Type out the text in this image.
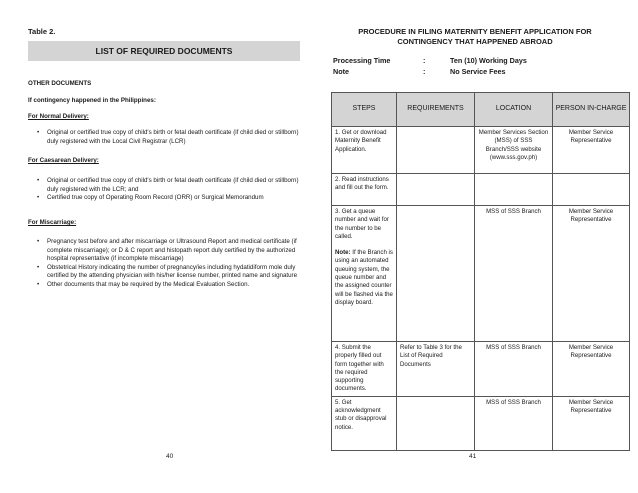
Table 2.
LIST OF REQUIRED DOCUMENTS
OTHER DOCUMENTS
If contingency happened in the Philippines:
For Normal Delivery:
• Original or certified true copy of child's birth or fetal death certificate (if child died or stillborn) duly registered with the Local Civil Registrar (LCR)
For Caesarean Delivery:
• Original or certified true copy of child's birth or fetal death certificate (if child died or stillborn) duly registered with the LCR; and
• Certified true copy of Operating Room Record (ORR) or Surgical Memorandum
For Miscarriage:
• Pregnancy test before and after miscarriage or Ultrasound Report and medical certificate (if complete miscarriage); or D & C report and histopath report duly certified by the authorized hospital representative (if incomplete miscarriage)
• Obstetrical History indicating the number of pregnancy/ies including hydatidiform mole duly certified by the attending physician with his/her license number, printed name and signature
• Other documents that may be required by the Medical Evaluation Section.
40
PROCEDURE IN FILING MATERNITY BENEFIT APPLICATION FOR CONTINGENCY THAT HAPPENED ABROAD
Processing Time	:	Ten (10) Working Days
Note	:	No Service Fees
STEPS	REQUIREMENTS	LOCATION	PERSON IN-CHARGE
1. Get or download Maternity Benefit Application.		Member Services Section (MSS) of SSS Branch/SSS website (www.sss.gov.ph)	Member Service Representative
2. Read instructions and fill out the form.			

3. Get a queue number and wait for the number to be called.
Note: If the Branch is using an automated queuing system, the queue number and the assigned counter will be flashed via the display board.		MSS of SSS Branch	Member Service Representative
4. Submit the properly filled out form together with the required supporting documents.	Refer to Table 3 for the List of Required Documents	MSS of SSS Branch	Member Service Representative
5. Get acknowledgment stub or disapproval notice.		MSS of SSS Branch	Member Service Representative
41
